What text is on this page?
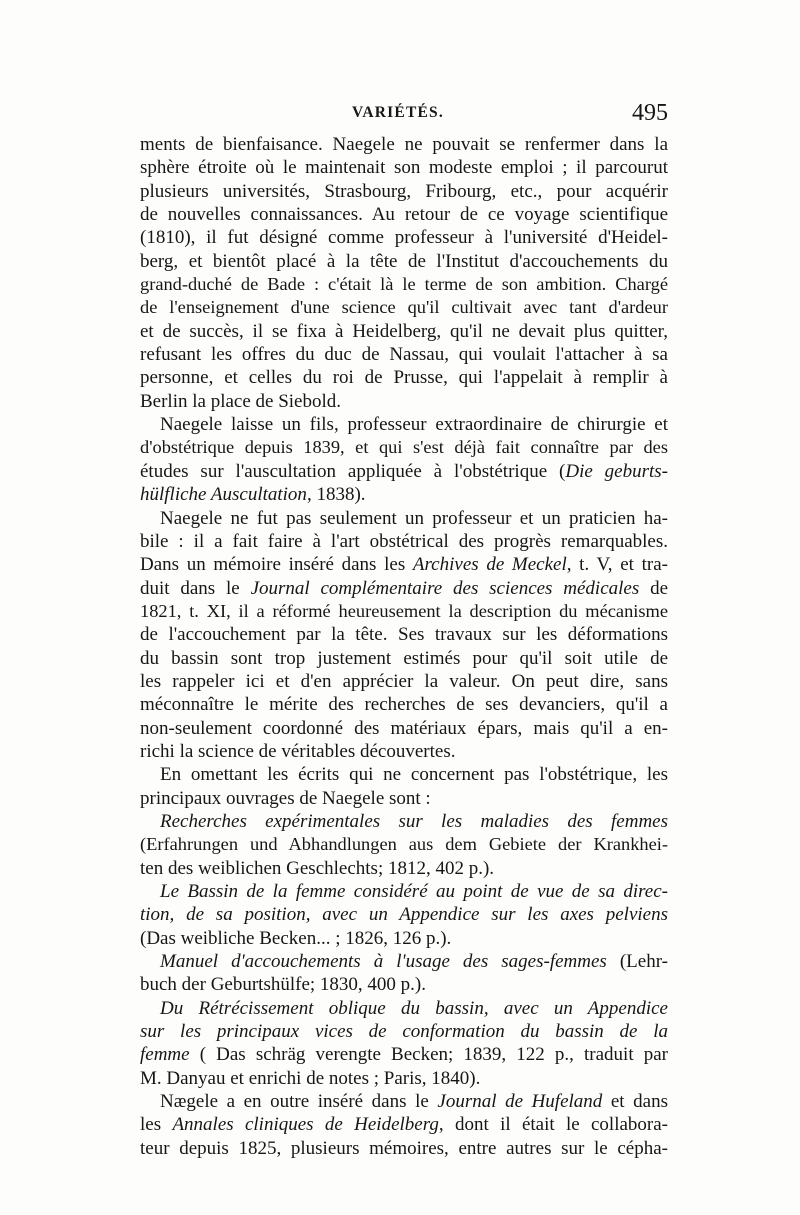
VARIÉTÉS.	495
ments de bienfaisance. Naegele ne pouvait se renfermer dans la
sphère étroite où le maintenait son modeste emploi ; il parcourut
plusieurs universités, Strasbourg, Fribourg, etc., pour acquérir
de nouvelles connaissances. Au retour de ce voyage scientifique
(1810), il fut désigné comme professeur à l'université d'Heidel-
berg, et bientôt placé à la tête de l'Institut d'accouchements du
grand-duché de Bade : c'était là le terme de son ambition. Chargé
de l'enseignement d'une science qu'il cultivait avec tant d'ardeur
et de succès, il se fixa à Heidelberg, qu'il ne devait plus quitter,
refusant les offres du duc de Nassau, qui voulait l'attacher à sa
personne, et celles du roi de Prusse, qui l'appelait à remplir à
Berlin la place de Siebold.
Naegele laisse un fils, professeur extraordinaire de chirurgie et
d'obstétrique depuis 1839, et qui s'est déjà fait connaître par des
études sur l'auscultation appliquée à l'obstétrique (Die geburts-
hülfliche Auscultation, 1838).
Naegele ne fut pas seulement un professeur et un praticien ha-
bile : il a fait faire à l'art obstétrical des progrès remarquables.
Dans un mémoire inséré dans les Archives de Meckel, t. V, et tra-
duit dans le Journal complémentaire des sciences médicales de
1821, t. XI, il a réformé heureusement la description du mécanisme
de l'accouchement par la tête. Ses travaux sur les déformations
du bassin sont trop justement estimés pour qu'il soit utile de
les rappeler ici et d'en apprécier la valeur. On peut dire, sans
méconnaître le mérite des recherches de ses devanciers, qu'il a
non-seulement coordonné des matériaux épars, mais qu'il a en-
richi la science de véritables découvertes.
En omettant les écrits qui ne concernent pas l'obstétrique, les
principaux ouvrages de Naegele sont :
Recherches expérimentales sur les maladies des femmes
(Erfahrungen und Abhandlungen aus dem Gebiete der Krankhei-
ten des weiblichen Geschlechts; 1812, 402 p.).
Le Bassin de la femme considéré au point de vue de sa direc-
tion, de sa position, avec un Appendice sur les axes pelviens
(Das weibliche Becken... ; 1826, 126 p.).
Manuel d'accouchements à l'usage des sages-femmes (Lehr-
buch der Geburtshülfe; 1830, 400 p.).
Du Rétrécissement oblique du bassin, avec un Appendice
sur les principaux vices de conformation du bassin de la
femme ( Das schräg verengte Becken; 1839, 122 p., traduit par
M. Danyau et enrichi de notes ; Paris, 1840).
Nægele a en outre inséré dans le Journal de Hufeland et dans
les Annales cliniques de Heidelberg, dont il était le collabora-
teur depuis 1825, plusieurs mémoires, entre autres sur le cépha-
